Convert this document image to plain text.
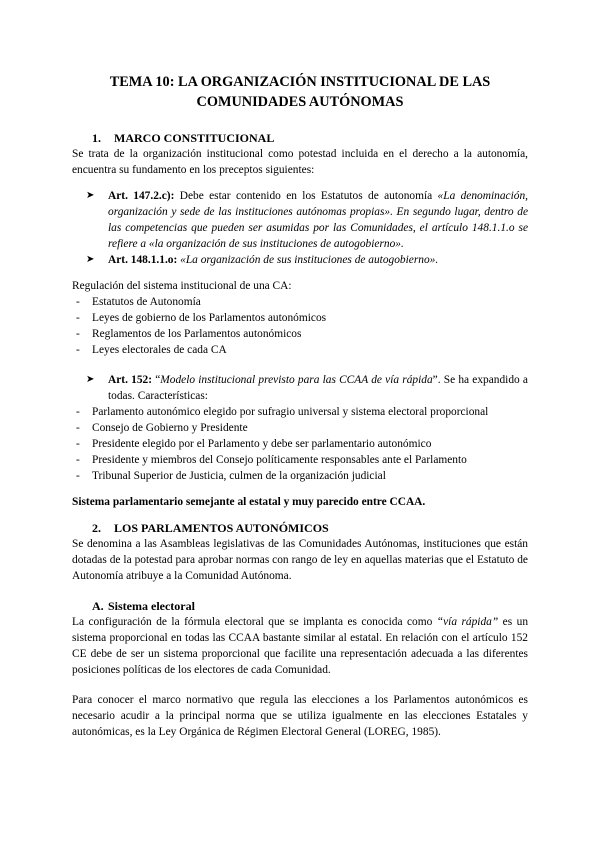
TEMA 10: LA ORGANIZACIÓN INSTITUCIONAL DE LAS
COMUNIDADES AUTÓNOMAS
1. MARCO CONSTITUCIONAL

Se trata de la organización institucional como potestad incluida en el derecho a la autonomía, encuentra su fundamento en los preceptos siguientes:

➤ Art. 147.2.c): Debe estar contenido en los Estatutos de autonomía «La denominación, organización y sede de las instituciones autónomas propias». En segundo lugar, dentro de las competencias que pueden ser asumidas por las Comunidades, el artículo 148.1.1.o se refiere a «la organización de sus instituciones de autogobierno».
➤ Art. 148.1.1.o: «La organización de sus instituciones de autogobierno».

Regulación del sistema institucional de una CA:

- Estatutos de Autonomía
- Leyes de gobierno de los Parlamentos autonómicos
- Reglamentos de los Parlamentos autonómicos
- Leyes electorales de cada CA
➤ Art. 152: “Modelo institucional previsto para las CCAA de vía rápida”. Se ha expandido a todas. Características:
- Parlamento autonómico elegido por sufragio universal y sistema electoral proporcional
- Consejo de Gobierno y Presidente
- Presidente elegido por el Parlamento y debe ser parlamentario autonómico
- Presidente y miembros del Consejo políticamente responsables ante el Parlamento
- Tribunal Superior de Justicia, culmen de la organización judicial

Sistema parlamentario semejante al estatal y muy parecido entre CCAA.

2. LOS PARLAMENTOS AUTONÓMICOS

Se denomina a las Asambleas legislativas de las Comunidades Autónomas, instituciones que están dotadas de la potestad para aprobar normas con rango de ley en aquellas materias que el Estatuto de Autonomía atribuye a la Comunidad Autónoma.

A. Sistema electoral

La configuración de la fórmula electoral que se implanta es conocida como “vía rápida” es un sistema proporcional en todas las CCAA bastante similar al estatal. En relación con el artículo 152 CE debe de ser un sistema proporcional que facilite una representación adecuada a las diferentes posiciones políticas de los electores de cada Comunidad.

Para conocer el marco normativo que regula las elecciones a los Parlamentos autonómicos es necesario acudir a la principal norma que se utiliza igualmente en las elecciones Estatales y autonómicas, es la Ley Orgánica de Régimen Electoral General (LOREG, 1985).
